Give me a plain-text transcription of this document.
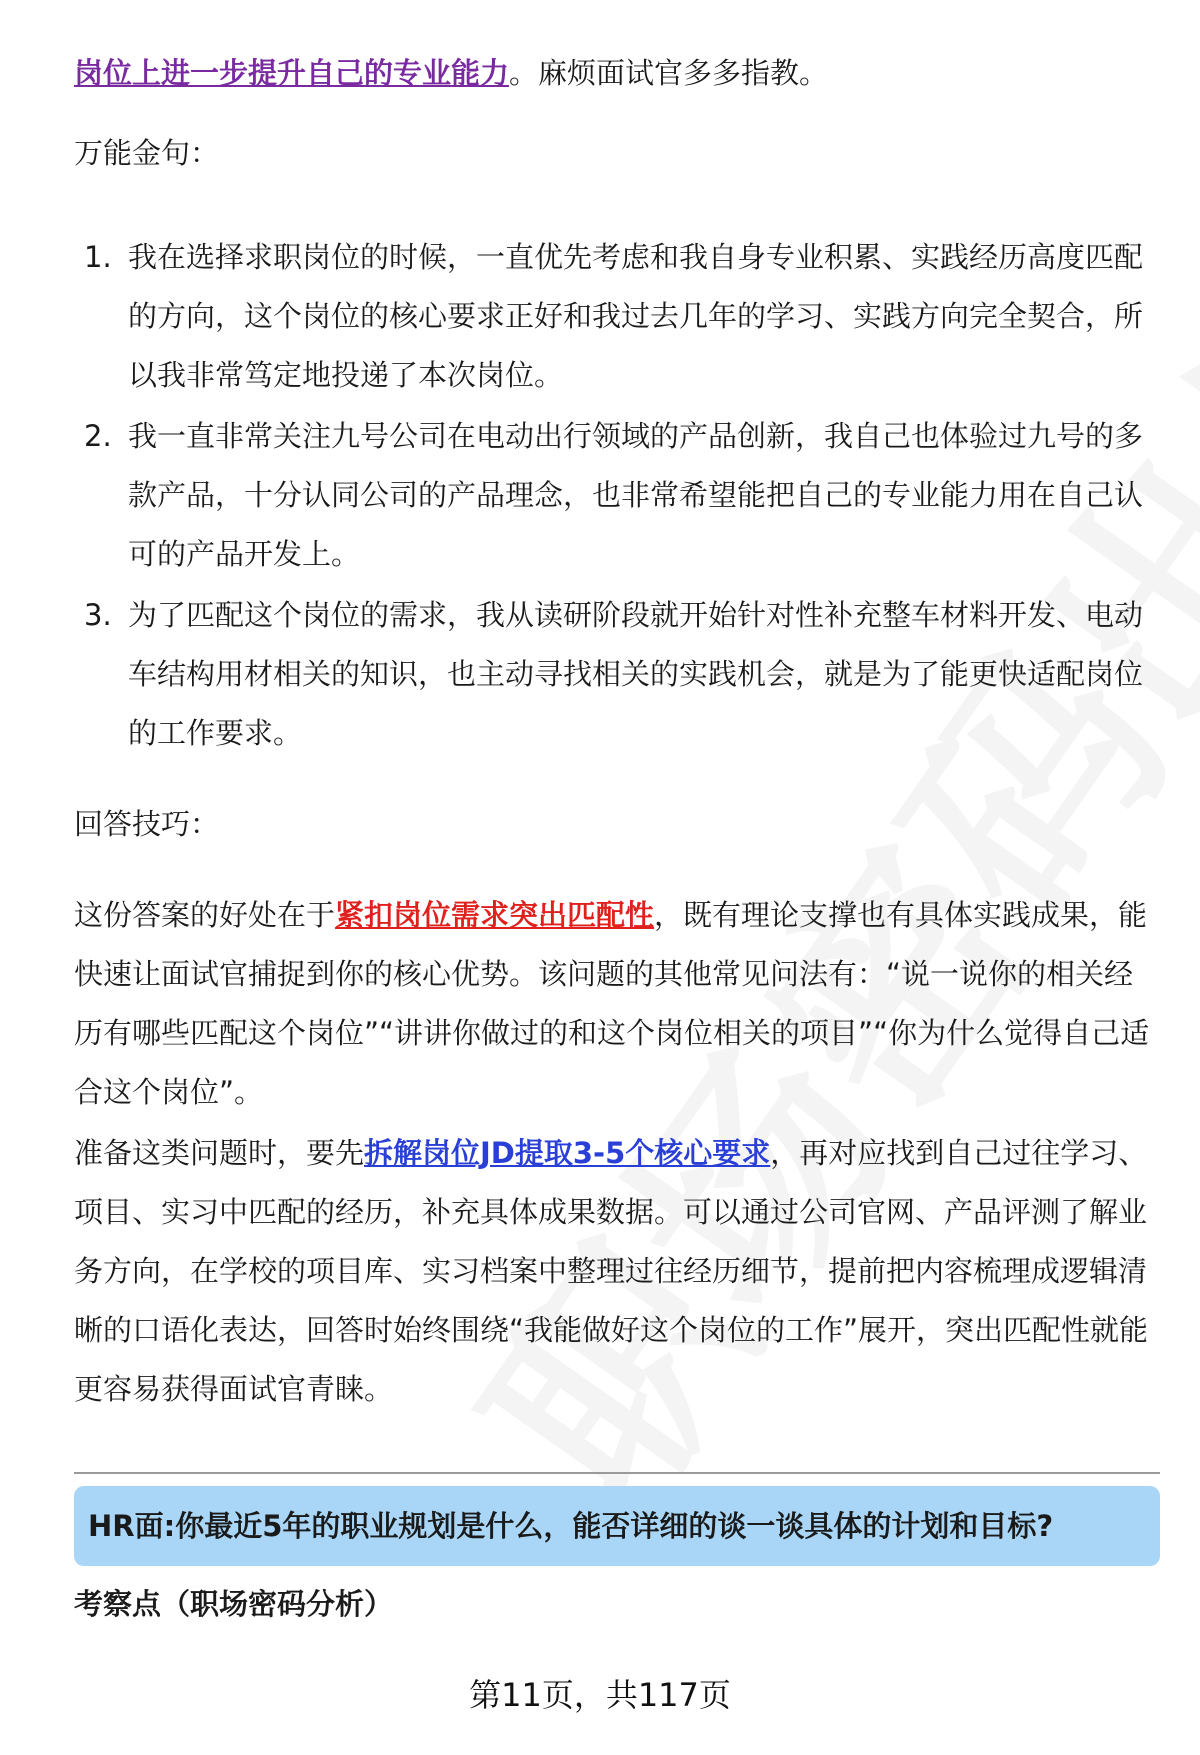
岗位上进一步提升自己的专业能力。麻烦面试官多多指教。

万能金句：

1. 我在选择求职岗位的时候，一直优先考虑和我自身专业积累、实践经历高度匹配的方向，这个岗位的核心要求正好和我过去几年的学习、实践方向完全契合，所以我非常笃定地投递了本次岗位。
2. 我一直非常关注九号公司在电动出行领域的产品创新，我自己也体验过九号的多款产品，十分认同公司的产品理念，也非常希望能把自己的专业能力用在自己认可的产品开发上。
3. 为了匹配这个岗位的需求，我从读研阶段就开始针对性补充整车材料开发、电动车结构用材相关的知识，也主动寻找相关的实践机会，就是为了能更快适配岗位的工作要求。

回答技巧：

这份答案的好处在于紧扣岗位需求突出匹配性，既有理论支撑也有具体实践成果，能快速让面试官捕捉到你的核心优势。该问题的其他常见问法有：“说一说你的相关经历有哪些匹配这个岗位”“讲讲你做过的和这个岗位相关的项目”“你为什么觉得自己适合这个岗位”。

准备这类问题时，要先拆解岗位JD提取3-5个核心要求，再对应找到自己过往学习、项目、实习中匹配的经历，补充具体成果数据。可以通过公司官网、产品评测了解业务方向，在学校的项目库、实习档案中整理过往经历细节，提前把内容梳理成逻辑清晰的口语化表达，回答时始终围绕“我能做好这个岗位的工作”展开，突出匹配性就能更容易获得面试官青睐。

HR面:你最近5年的职业规划是什么，能否详细的谈一谈具体的计划和目标?
考察点（职场密码分析）
第11页，共117页
